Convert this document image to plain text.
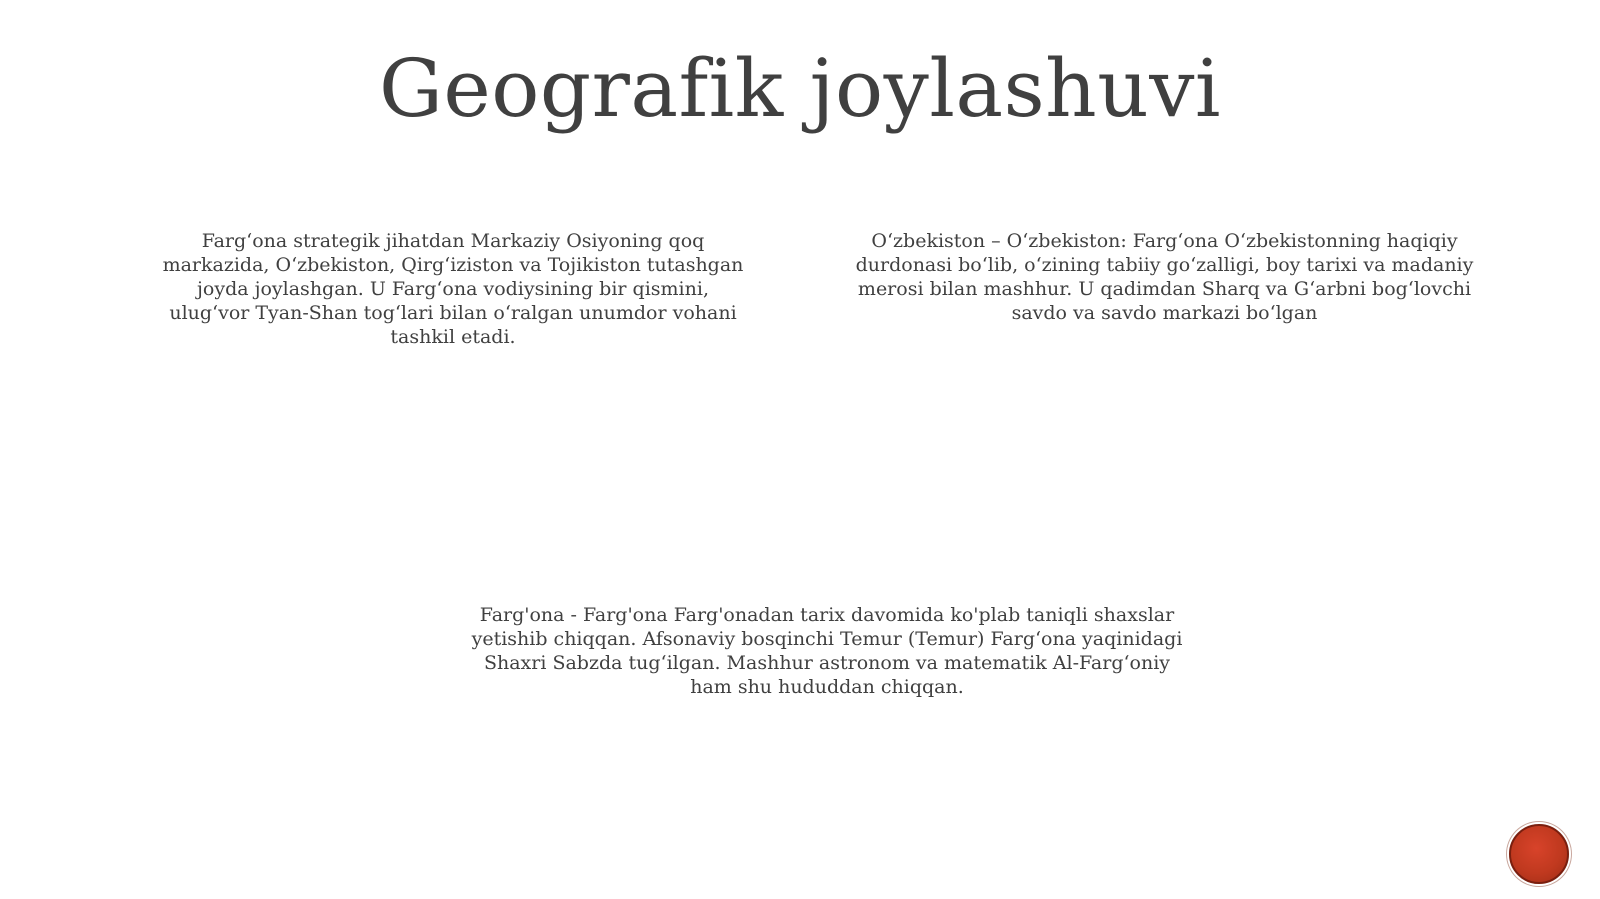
Geografik joylashuvi

Farg‘ona strategik jihatdan Markaziy Osiyoning qoq markazida, O‘zbekiston, Qirg‘iziston va Tojikiston tutashgan joyda joylashgan. U Farg‘ona vodiysining bir qismini, ulug‘vor Tyan-Shan tog‘lari bilan o‘ralgan unumdor vohani tashkil etadi.

O‘zbekiston – O‘zbekiston: Farg‘ona O‘zbekistonning haqiqiy durdonasi bo‘lib, o‘zining tabiiy go‘zalligi, boy tarixi va madaniy merosi bilan mashhur. U qadimdan Sharq va G‘arbni bog‘lovchi savdo va savdo markazi bo‘lgan

Farg'ona - Farg'ona Farg'onadan tarix davomida ko'plab taniqli shaxslar yetishib chiqqan. Afsonaviy bosqinchi Temur (Temur) Farg‘ona yaqinidagi Shaxri Sabzda tug‘ilgan. Mashhur astronom va matematik Al-Farg‘oniy ham shu hududdan chiqqan.
